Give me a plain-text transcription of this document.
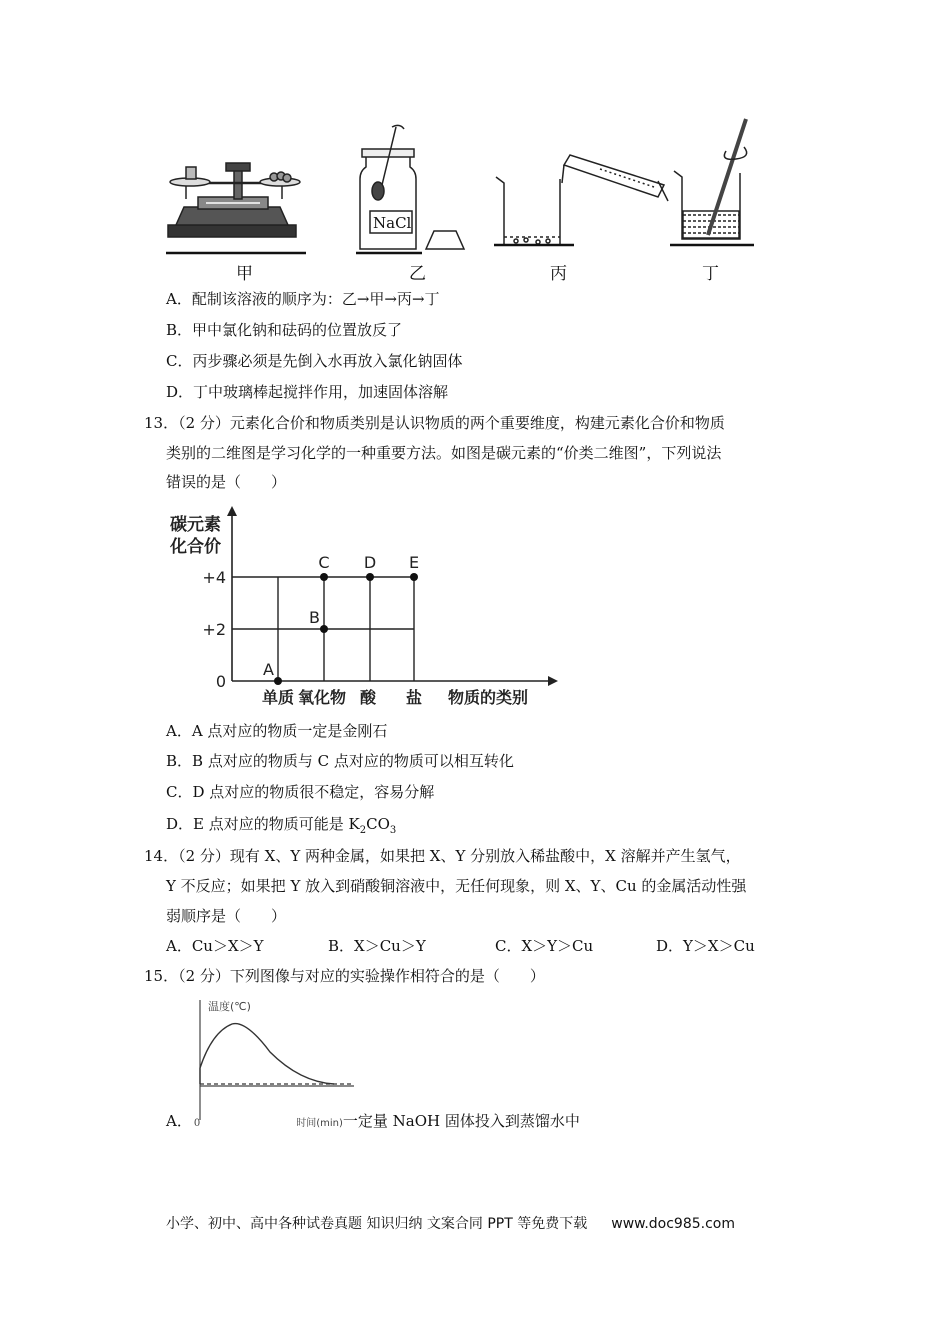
NaCl
甲	乙	丙	丁
A．配制该溶液的顺序为：乙→甲→丙→丁
B．甲中氯化钠和砝码的位置放反了
C．丙步骤必须是先倒入水再放入氯化钠固体
D．丁中玻璃棒起搅拌作用，加速固体溶解
13．（2 分）元素化合价和物质类别是认识物质的两个重要维度，构建元素化合价和物质
类别的二维图是学习化学的一种重要方法。如图是碳元素的“价类二维图”，下列说法
错误的是（　　）
碳元素
化合价
+4
+2
0
单质 氧化物 酸 盐 物质的类别
A
B
C D E
A．A 点对应的物质一定是金刚石
B．B 点对应的物质与 C 点对应的物质可以相互转化
C．D 点对应的物质很不稳定，容易分解
D．E 点对应的物质可能是 $K_2CO_3$
14．（2 分）现有 X、Y 两种金属，如果把 X、Y 分别放入稀盐酸中，X 溶解并产生氢气，
Y 不反应；如果把 Y 放入到硝酸铜溶液中，无任何现象，则 X、Y、Cu 的金属活动性强
弱顺序是（　　）
A．Cu＞X＞Y	B．X＞Cu＞Y	C．X＞Y＞Cu	D．Y＞X＞Cu
15．（2 分）下列图像与对应的实验操作相符合的是（　　）
温度(℃)
A． 0	时间(min)一定量 NaOH 固体投入到蒸馏水中
小学、初中、高中各种试卷真题 知识归纳 文案合同 PPT 等免费下载 www.doc985.com
